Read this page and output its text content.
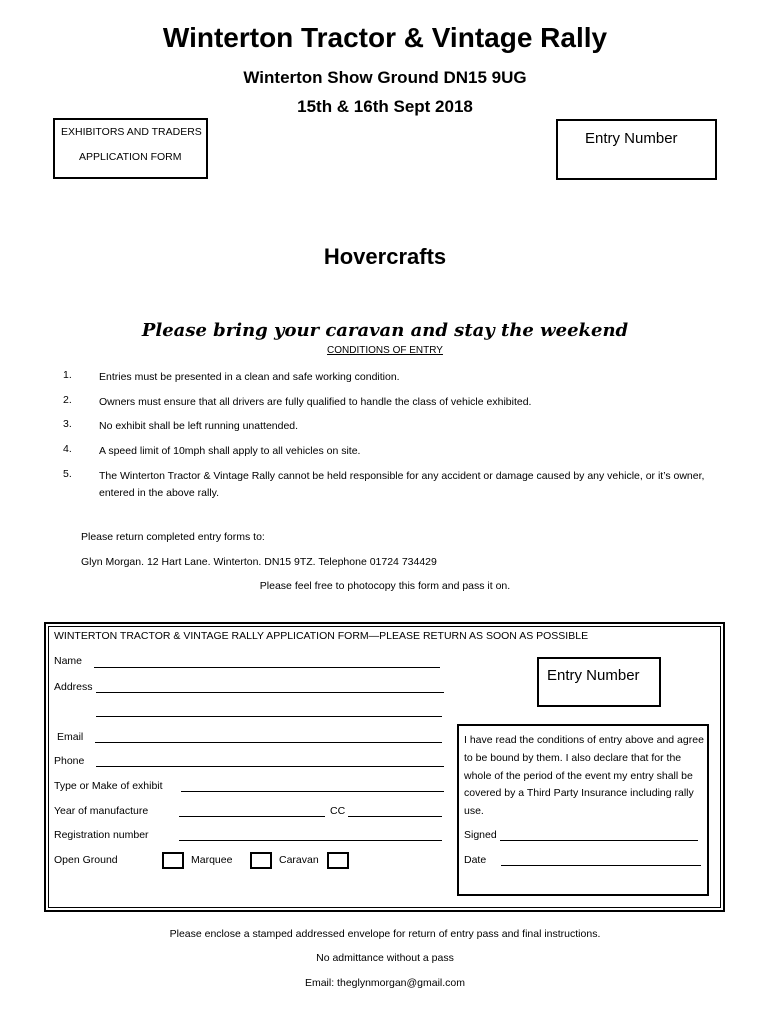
Winterton Tractor & Vintage Rally
Winterton Show Ground DN15 9UG
15th & 16th Sept 2018
EXHIBITORS AND TRADERS
APPLICATION FORM
Entry Number
Hovercrafts
Please bring your caravan and stay the weekend
CONDITIONS OF ENTRY
1.	Entries must be presented in a clean and safe working condition.
2.	Owners must ensure that all drivers are fully qualified to handle the class of vehicle exhibited.
3.	No exhibit shall be left running unattended.
4.	A speed limit of 10mph shall apply to all vehicles on site.
5.	The Winterton Tractor & Vintage Rally cannot be held responsible for any accident or damage caused by any vehicle, or it’s owner, entered in the above rally.
Please return completed entry forms to:
Glyn Morgan. 12 Hart Lane. Winterton. DN15 9TZ. Telephone 01724 734429
Please feel free to photocopy this form and pass it on.
WINTERTON TRACTOR & VINTAGE RALLY APPLICATION FORM—PLEASE RETURN AS SOON AS POSSIBLE
Name
Address
Email
Phone
Type or Make of exhibit
Year of manufacture	CC
Registration number
Open Ground	Marquee	Caravan
Entry Number
I have read the conditions of entry above and agree to be bound by them. I also declare that for the whole of the period of the event my entry shall be covered by a Third Party Insurance including rally use.
Signed
Date
Please enclose a stamped addressed envelope for return of entry pass and final instructions.
No admittance without a pass
Email: theglynmorgan@gmail.com
